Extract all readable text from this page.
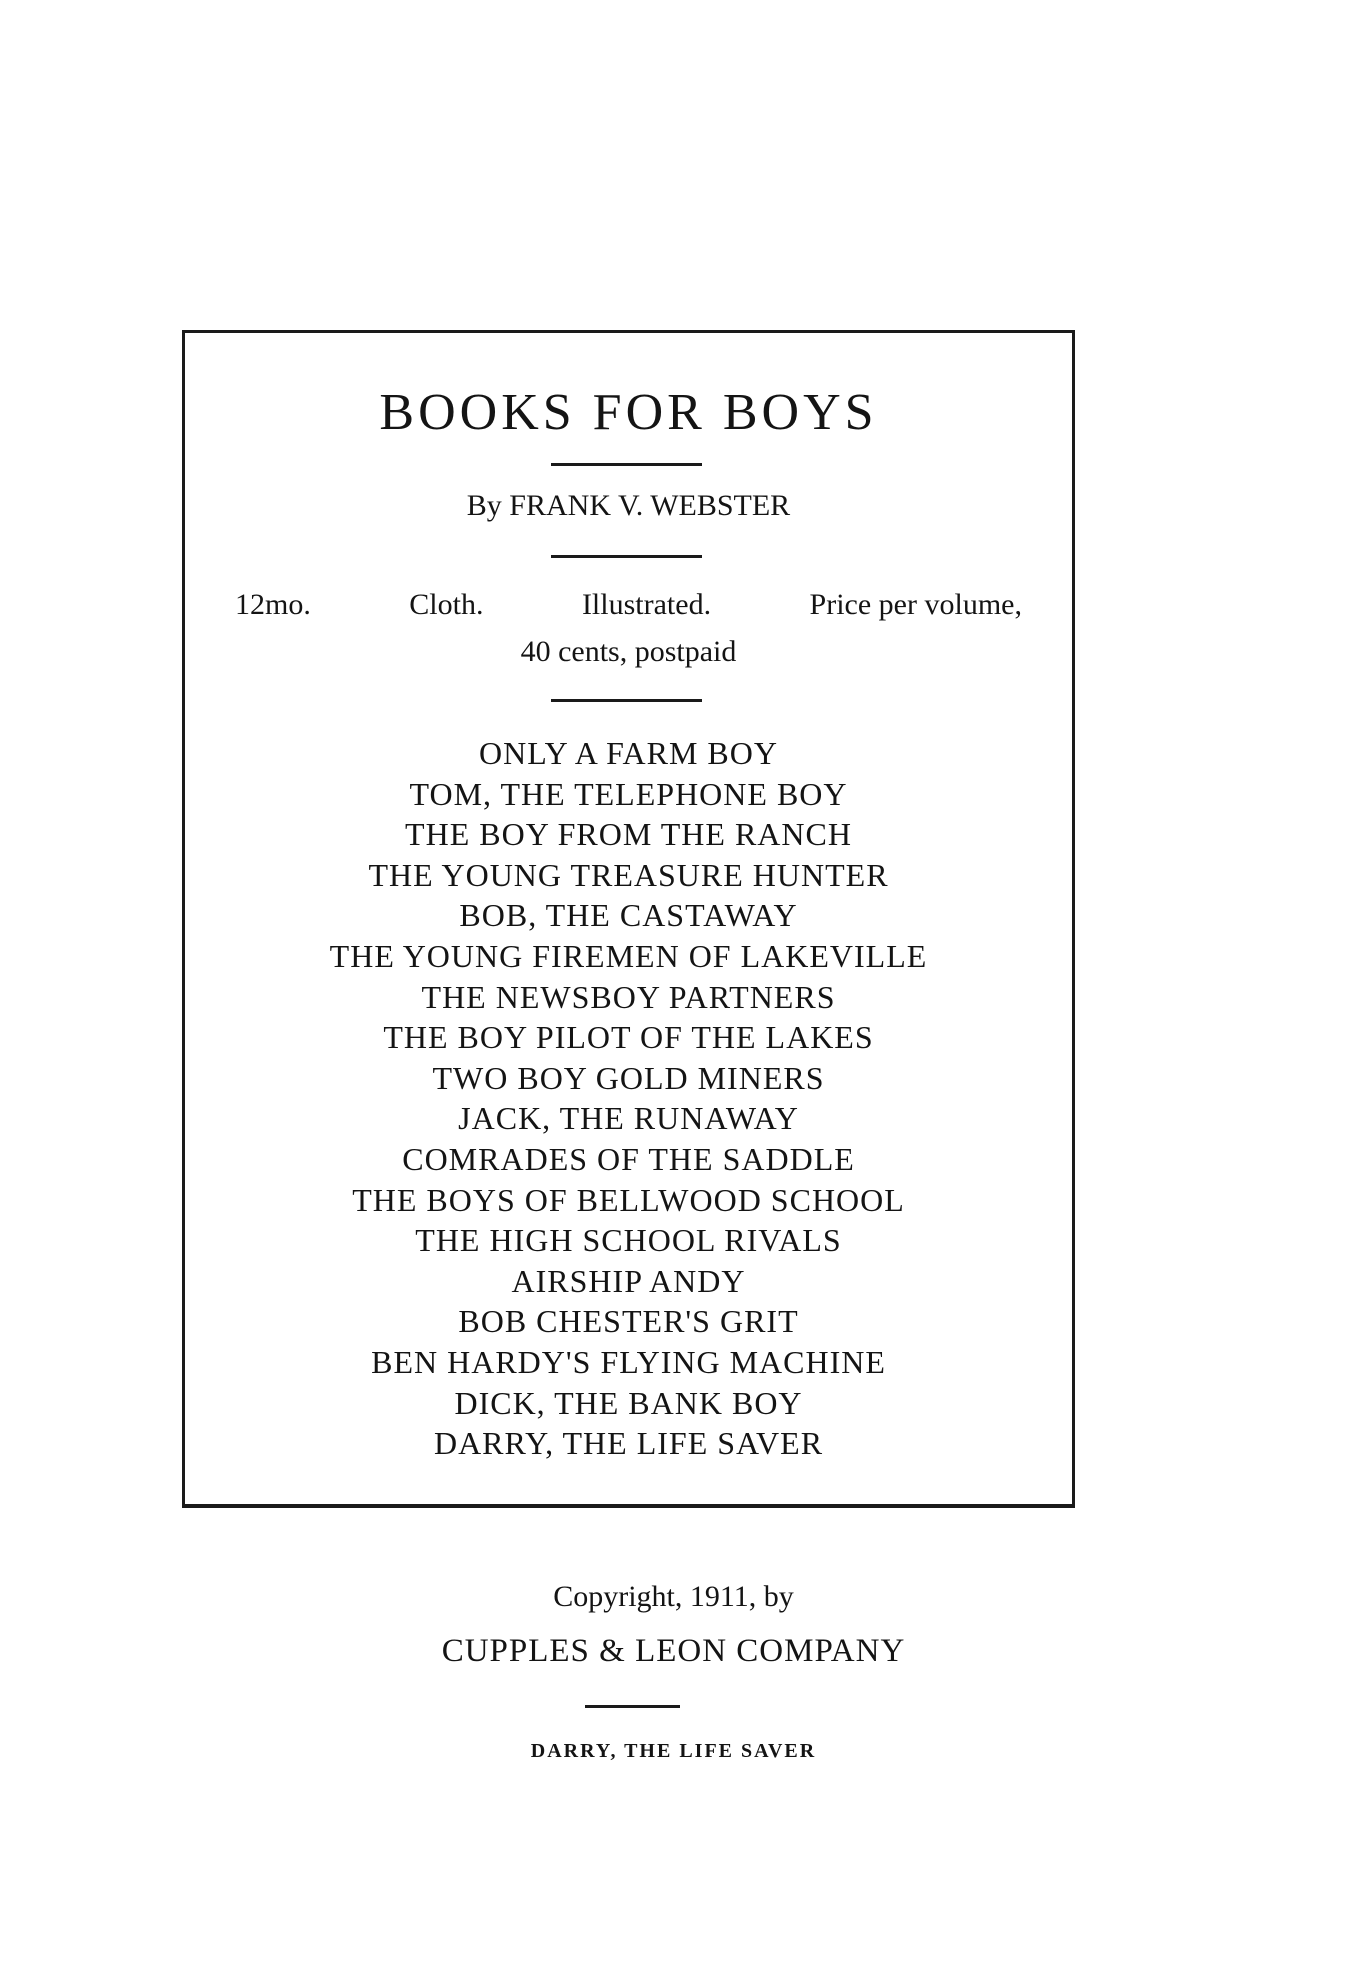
BOOKS FOR BOYS
By FRANK V. WEBSTER
12mo.	Cloth.	Illustrated.	Price per volume,
40 cents, postpaid
ONLY A FARM BOY
TOM, THE TELEPHONE BOY
THE BOY FROM THE RANCH
THE YOUNG TREASURE HUNTER
BOB, THE CASTAWAY
THE YOUNG FIREMEN OF LAKEVILLE
THE NEWSBOY PARTNERS
THE BOY PILOT OF THE LAKES
TWO BOY GOLD MINERS
JACK, THE RUNAWAY
COMRADES OF THE SADDLE
THE BOYS OF BELLWOOD SCHOOL
THE HIGH SCHOOL RIVALS
AIRSHIP ANDY
BOB CHESTER'S GRIT
BEN HARDY'S FLYING MACHINE
DICK, THE BANK BOY
DARRY, THE LIFE SAVER
Copyright, 1911, by
CUPPLES & LEON COMPANY
DARRY, THE LIFE SAVER
